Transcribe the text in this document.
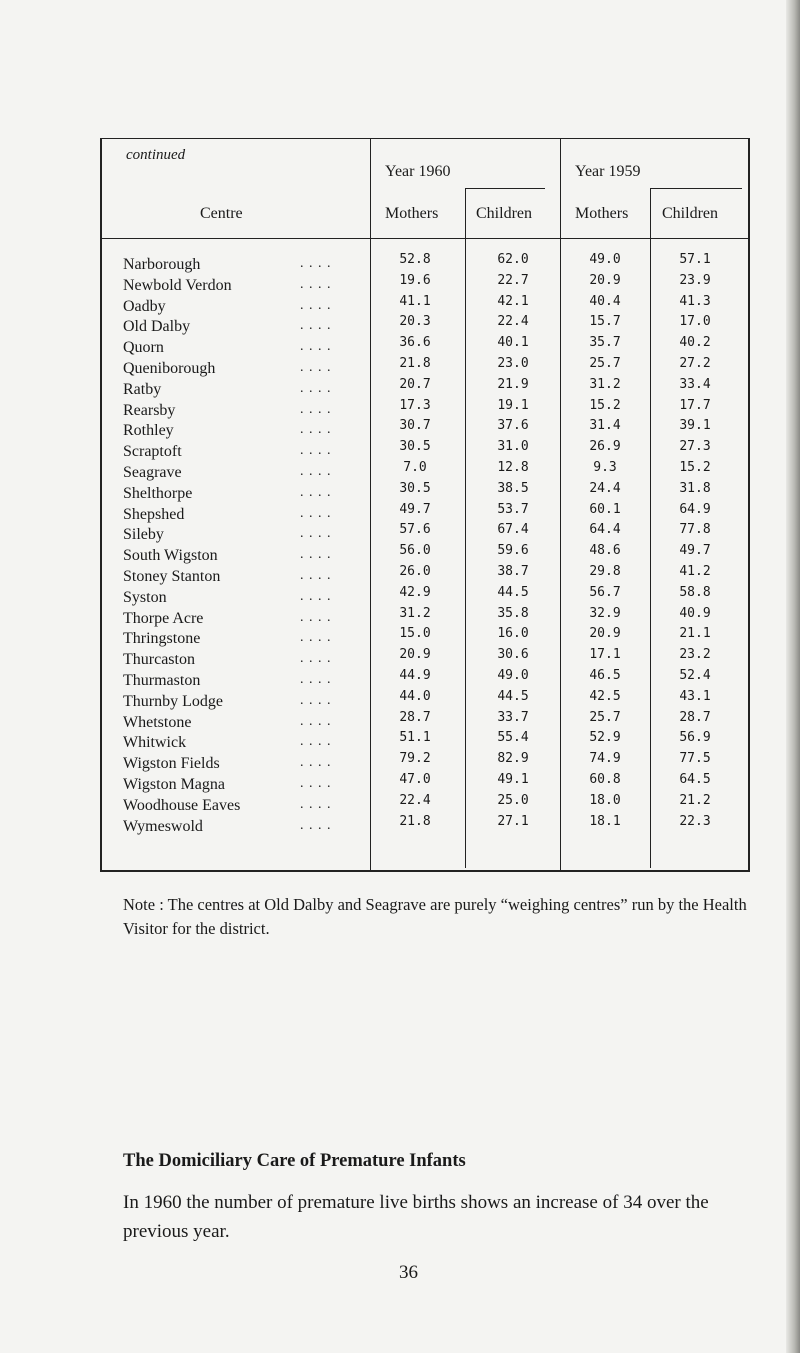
continued
Centre
Year 1960	Year 1959
Mothers Children	Mothers Children
Narborough	. . . .	52.8	62.0	49.0	57.1
Newbold Verdon	. . . .	19.6	22.7	20.9	23.9
Oadby	. . . .	41.1	42.1	40.4	41.3
Old Dalby	. . . .	20.3	22.4	15.7	17.0
Quorn	. . . .	36.6	40.1	35.7	40.2
Queniborough	. . . .	21.8	23.0	25.7	27.2
Ratby	. . . .	20.7	21.9	31.2	33.4
Rearsby	. . . .	17.3	19.1	15.2	17.7
Rothley	. . . .	30.7	37.6	31.4	39.1
Scraptoft	. . . .	30.5	31.0	26.9	27.3
Seagrave	. . . .	7.0	12.8	9.3	15.2
Shelthorpe	. . . .	30.5	38.5	24.4	31.8
Shepshed	. . . .	49.7	53.7	60.1	64.9
Sileby	. . . .	57.6	67.4	64.4	77.8
South Wigston	. . . .	56.0	59.6	48.6	49.7
Stoney Stanton	. . . .	26.0	38.7	29.8	41.2
Syston	. . . .	42.9	44.5	56.7	58.8
Thorpe Acre	. . . .	31.2	35.8	32.9	40.9
Thringstone	. . . .	15.0	16.0	20.9	21.1
Thurcaston	. . . .	20.9	30.6	17.1	23.2
Thurmaston	. . . .	44.9	49.0	46.5	52.4
Thurnby Lodge	. . . .	44.0	44.5	42.5	43.1
Whetstone	. . . .	28.7	33.7	25.7	28.7
Whitwick	. . . .	51.1	55.4	52.9	56.9
Wigston Fields	. . . .	79.2	82.9	74.9	77.5
Wigston Magna	. . . .	47.0	49.1	60.8	64.5
Woodhouse Eaves	. . . .	22.4	25.0	18.0	21.2
Wymeswold	. . . .	21.8	27.1	18.1	22.3
Note : The centres at Old Dalby and Seagrave are purely “weighing centres” run by the Health Visitor for the district.
The Domiciliary Care of Premature Infants
In 1960 the number of premature live births shows an increase of 34 over the previous year.
36
